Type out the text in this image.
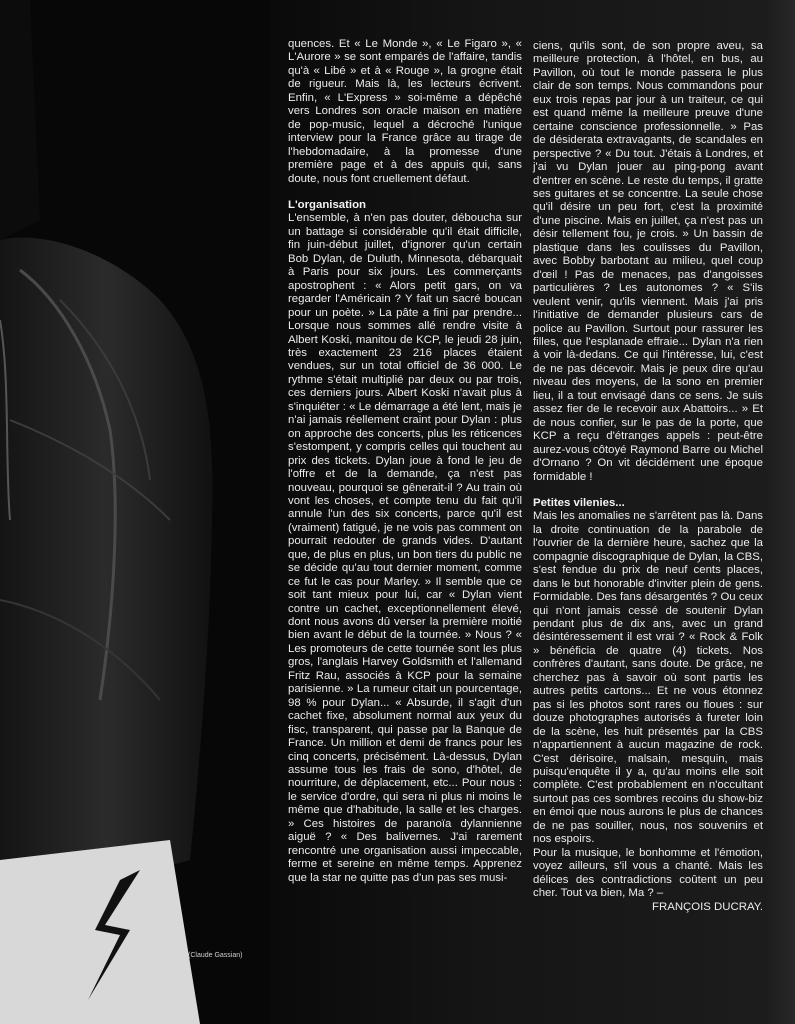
(Claude Gassian)

quences. Et « Le Monde », « Le Figaro », « L'Aurore » se sont emparés de l'affaire, tandis qu'à « Libé » et à « Rouge », la grogne était de rigueur. Mais là, les lecteurs écrivent. Enfin, « L'Express » soi-même a dépêché vers Londres son oracle maison en matière de pop-music, lequel a décroché l'unique interview pour la France grâce au tirage de l'hebdomadaire, à la promesse d'une première page et à des appuis qui, sans doute, nous font cruellement défaut.

L'organisation

L'ensemble, à n'en pas douter, déboucha sur un battage si considérable qu'il était difficile, fin juin-début juillet, d'ignorer qu'un certain Bob Dylan, de Duluth, Minnesota, débarquait à Paris pour six jours. Les commerçants apostrophent : « Alors petit gars, on va regarder l'Américain ? Y fait un sacré boucan pour un poète. » La pâte a fini par prendre... Lorsque nous sommes allé rendre visite à Albert Koski, manitou de KCP, le jeudi 28 juin, très exactement 23 216 places étaient vendues, sur un total officiel de 36 000. Le rythme s'était multiplié par deux ou par trois, ces derniers jours. Albert Koski n'avait plus à s'inquiéter : « Le démarrage a été lent, mais je n'ai jamais réellement craint pour Dylan : plus on approche des concerts, plus les réticences s'estompent, y compris celles qui touchent au prix des tickets. Dylan joue à fond le jeu de l'offre et de la demande, ça n'est pas nouveau, pourquoi se gênerait-il ? Au train où vont les choses, et compte tenu du fait qu'il annule l'un des six concerts, parce qu'il est (vraiment) fatigué, je ne vois pas comment on pourrait redouter de grands vides. D'autant que, de plus en plus, un bon tiers du public ne se décide qu'au tout dernier moment, comme ce fut le cas pour Marley. » Il semble que ce soit tant mieux pour lui, car « Dylan vient contre un cachet, exceptionnellement élevé, dont nous avons dû verser la première moitié bien avant le début de la tournée. » Nous ? « Les promoteurs de cette tournée sont les plus gros, l'anglais Harvey Goldsmith et l'allemand Fritz Rau, associés à KCP pour la semaine parisienne. » La rumeur citait un pourcentage, 98 % pour Dylan... « Absurde, il s'agit d'un cachet fixe, absolument normal aux yeux du fisc, transparent, qui passe par la Banque de France. Un million et demi de francs pour les cinq concerts, précisément. Là-dessus, Dylan assume tous les frais de sono, d'hôtel, de nourriture, de déplacement, etc... Pour nous : le service d'ordre, qui sera ni plus ni moins le même que d'habitude, la salle et les charges. » Ces histoires de paranoïa dylannienne aiguë ? « Des balivernes. J'ai rarement rencontré une organisation aussi impeccable, ferme et sereine en même temps. Apprenez que la star ne quitte pas d'un pas ses musi-

ciens, qu'ils sont, de son propre aveu, sa meilleure protection, à l'hôtel, en bus, au Pavillon, où tout le monde passera le plus clair de son temps. Nous commandons pour eux trois repas par jour à un traiteur, ce qui est quand même la meilleure preuve d'une certaine conscience professionnelle. » Pas de désiderata extravagants, de scandales en perspective ? « Du tout. J'étais à Londres, et j'ai vu Dylan jouer au ping-pong avant d'entrer en scène. Le reste du temps, il gratte ses guitares et se concentre. La seule chose qu'il désire un peu fort, c'est la proximité d'une piscine. Mais en juillet, ça n'est pas un désir tellement fou, je crois. » Un bassin de plastique dans les coulisses du Pavillon, avec Bobby barbotant au milieu, quel coup d'œil ! Pas de menaces, pas d'angoisses particulières ? Les autonomes ? « S'ils veulent venir, qu'ils viennent. Mais j'ai pris l'initiative de demander plusieurs cars de police au Pavillon. Surtout pour rassurer les filles, que l'esplanade effraie... Dylan n'a rien à voir là-dedans. Ce qui l'intéresse, lui, c'est de ne pas décevoir. Mais je peux dire qu'au niveau des moyens, de la sono en premier lieu, il a tout envisagé dans ce sens. Je suis assez fier de le recevoir aux Abattoirs... » Et de nous confier, sur le pas de la porte, que KCP a reçu d'étranges appels : peut-être aurez-vous côtoyé Raymond Barre ou Michel d'Ornano ? On vit décidément une époque formidable !

Petites vilenies...

Mais les anomalies ne s'arrêtent pas là. Dans la droite continuation de la parabole de l'ouvrier de la dernière heure, sachez que la compagnie discographique de Dylan, la CBS, s'est fendue du prix de neuf cents places, dans le but honorable d'inviter plein de gens. Formidable. Des fans désargentés ? Ou ceux qui n'ont jamais cessé de soutenir Dylan pendant plus de dix ans, avec un grand désintéressement il est vrai ? « Rock & Folk » bénéficia de quatre (4) tickets. Nos confrères d'autant, sans doute. De grâce, ne cherchez pas à savoir où sont partis les autres petits cartons... Et ne vous étonnez pas si les photos sont rares ou floues : sur douze photographes autorisés à fureter loin de la scène, les huit présentés par la CBS n'appartiennent à aucun magazine de rock. C'est dérisoire, malsain, mesquin, mais puisqu'enquête il y a, qu'au moins elle soit complète. C'est probablement en n'occultant surtout pas ces sombres recoins du show-biz en émoi que nous aurons le plus de chances de ne pas souiller, nous, nos souvenirs et nos espoirs.

Pour la musique, le bonhomme et l'émotion, voyez ailleurs, s'il vous a chanté. Mais les délices des contradictions coûtent un peu cher. Tout va bien, Ma ? –

FRANÇOIS DUCRAY.
